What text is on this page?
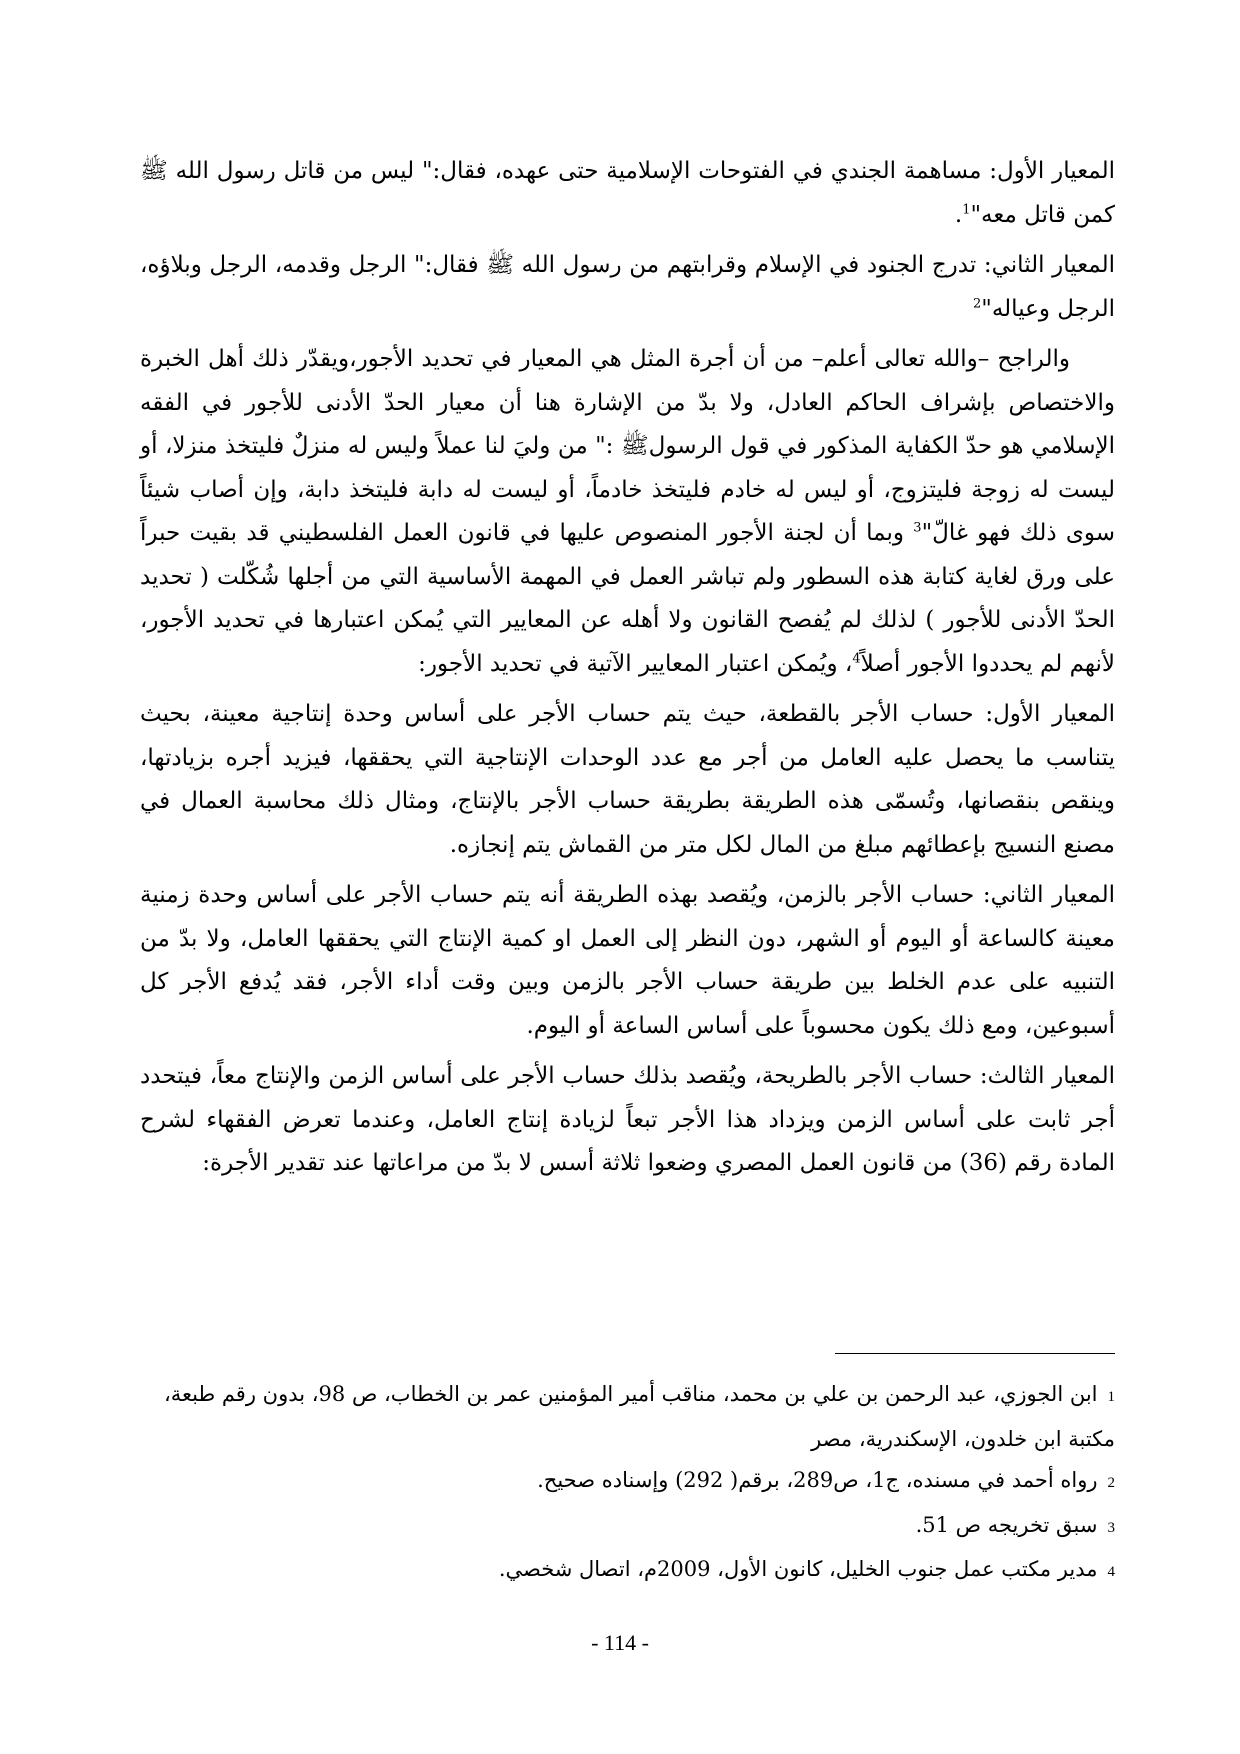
المعيار الأول: مساهمة الجندي في الفتوحات الإسلامية حتى عهده، فقال:" ليس من قاتل رسول الله ﷺ كمن قاتل معه"$^1$.

المعيار الثاني: تدرج الجنود في الإسلام وقرابتهم من رسول الله ﷺ فقال:" الرجل وقدمه، الرجل وبلاؤه، الرجل وعياله"$^2$

والراجح –والله تعالى أعلم– من أن أجرة المثل هي المعيار في تحديد الأجور،ويقدّر ذلك أهل الخبرة والاختصاص بإشراف الحاكم العادل، ولا بدّ من الإشارة هنا أن معيار الحدّ الأدنى للأجور في الفقه الإسلامي هو حدّ الكفاية المذكور في قول الرسولﷺ :" من وليَ لنا عملاً وليس له منزلٌ فليتخذ منزلا، أو ليست له زوجة فليتزوج، أو ليس له خادم فليتخذ خادماً، أو ليست له دابة فليتخذ دابة، وإن أصاب شيئاً سوى ذلك فهو غالّ"$^3$ وبما أن لجنة الأجور المنصوص عليها في قانون العمل الفلسطيني قد بقيت حبراً على ورق لغاية كتابة هذه السطور ولم تباشر العمل في المهمة الأساسية التي من أجلها شُكّلت ( تحديد الحدّ الأدنى للأجور ) لذلك لم يُفصح القانون ولا أهله عن المعايير التي يُمكن اعتبارها في تحديد الأجور، لأنهم لم يحددوا الأجور أصلاً$^4$، ويُمكن اعتبار المعايير الآتية في تحديد الأجور:

المعيار الأول: حساب الأجر بالقطعة، حيث يتم حساب الأجر على أساس وحدة إنتاجية معينة، بحيث يتناسب ما يحصل عليه العامل من أجر مع عدد الوحدات الإنتاجية التي يحققها، فيزيد أجره بزيادتها، وينقص بنقصانها، وتُسمّى هذه الطريقة بطريقة حساب الأجر بالإنتاج، ومثال ذلك محاسبة العمال في مصنع النسيج بإعطائهم مبلغ من المال لكل متر من القماش يتم إنجازه.

المعيار الثاني: حساب الأجر بالزمن، ويُقصد بهذه الطريقة أنه يتم حساب الأجر على أساس وحدة زمنية معينة كالساعة أو اليوم أو الشهر، دون النظر إلى العمل او كمية الإنتاج التي يحققها العامل، ولا بدّ من التنبيه على عدم الخلط بين طريقة حساب الأجر بالزمن وبين وقت أداء الأجر، فقد يُدفع الأجر كل أسبوعين، ومع ذلك يكون محسوباً على أساس الساعة أو اليوم.

المعيار الثالث: حساب الأجر بالطريحة، ويُقصد بذلك حساب الأجر على أساس الزمن والإنتاج معاً، فيتحدد أجر ثابت على أساس الزمن ويزداد هذا الأجر تبعاً لزيادة إنتاج العامل، وعندما تعرض الفقهاء لشرح المادة رقم (36) من قانون العمل المصري وضعوا ثلاثة أسس لا بدّ من مراعاتها عند تقدير الأجرة:

1ابن الجوزي، عبد الرحمن بن علي بن محمد، مناقب أمير المؤمنين عمر بن الخطاب، ص 98، بدون رقم طبعة، مكتبة ابن خلدون، الإسكندرية، مصر

2رواه أحمد في مسنده، ج1، ص289، برقم( 292) وإسناده صحيح.

3سبق تخريجه ص 51.

4مدير مكتب عمل جنوب الخليل، كانون الأول، 2009م، اتصال شخصي.

- 114 -
